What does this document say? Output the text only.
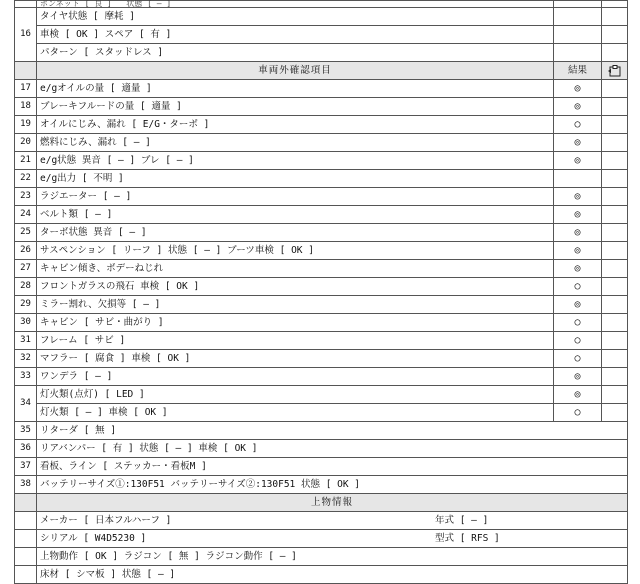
	ボンネット [ 良 ] 状態 [ ― ]		
16	タイヤ状態 [ 摩耗 ]		
	車検 [ OK ] スペア [ 有 ]		
	パターン [ スタッドレス ]		
	車両外確認項目	結果	
17	e/gオイルの量 [ 適量 ]	◎	
18	ブレーキフルードの量 [ 適量 ]	◎	
19	オイルにじみ、漏れ [ E/G・ターボ ]	○	
20	燃料にじみ、漏れ [ ― ]	◎	
21	e/g状態 異音 [ ― ] ブレ [ ― ]	◎	
22	e/g出力 [ 不明 ]		
23	ラジエーター [ ― ]	◎	
24	ベルト類 [ ― ]	◎	
25	ターボ状態 異音 [ ― ]	◎	
26	サスペンション [ リーフ ] 状態 [ ― ] ブーツ車検 [ OK ]	◎	
27	キャビン傾き、ボデーねじれ	◎	
28	フロントガラスの飛石 車検 [ OK ]	○	
29	ミラー割れ、欠損等 [ ― ]	◎	
30	キャビン [ サビ・曲がり ]	○	
31	フレーム [ サビ ]	○	
32	マフラー [ 腐食 ] 車検 [ OK ]	○	
33	ワンデラ [ ― ]	◎	
34	灯火類(点灯) [ LED ]	◎	
	灯火類 [ ― ] 車検 [ OK ]	○	
35	リターダ [ 無 ]		
36	リアバンパー [ 有 ] 状態 [ ― ] 車検 [ OK ]		
37	看板、ライン [ ステッカー・看板M ]		
38	バッテリーサイズ①:130F51 バッテリーサイズ②:130F51 状態 [ OK ]		
	上物情報		
	メーカー [ 日本フルハーフ ] 年式 [ ― ]		
	シリアル [ W4D5230 ] 型式 [ RFS ]		
	上物動作 [ OK ] ラジコン [ 無 ] ラジコン動作 [ ― ]		
	床材 [ シマ板 ] 状態 [ ― ]		
